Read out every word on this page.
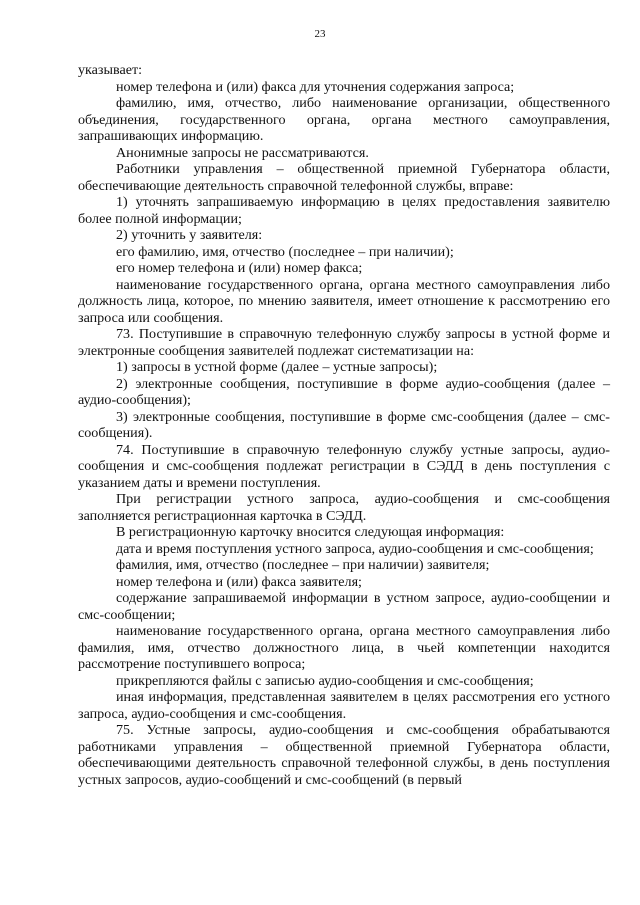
23

указывает:

номер телефона и (или) факса для уточнения содержания запроса;

фамилию, имя, отчество, либо наименование организации, общественного объединения, государственного органа, органа местного самоуправления, запрашивающих информацию.

Анонимные запросы не рассматриваются.

Работники управления – общественной приемной Губернатора области, обеспечивающие деятельность справочной телефонной службы, вправе:

1) уточнять запрашиваемую информацию в целях предоставления заявителю более полной информации;

2) уточнить у заявителя:

его фамилию, имя, отчество (последнее – при наличии);

его номер телефона и (или) номер факса;

наименование государственного органа, органа местного самоуправления либо должность лица, которое, по мнению заявителя, имеет отношение к рассмотрению его запроса или сообщения.

73. Поступившие в справочную телефонную службу запросы в устной форме и электронные сообщения заявителей подлежат систематизации на:

1) запросы в устной форме (далее – устные запросы);

2) электронные сообщения, поступившие в форме аудио-сообщения (далее – аудио-сообщения);

3) электронные сообщения, поступившие в форме смс-сообщения (далее – смс-сообщения).

74. Поступившие в справочную телефонную службу устные запросы, аудио-сообщения и смс-сообщения подлежат регистрации в СЭДД в день поступления с указанием даты и времени поступления.

При регистрации устного запроса, аудио-сообщения и смс-сообщения заполняется регистрационная карточка в СЭДД.

В регистрационную карточку вносится следующая информация:

дата и время поступления устного запроса, аудио-сообщения и смс-сообщения;

фамилия, имя, отчество (последнее – при наличии) заявителя;

номер телефона и (или) факса заявителя;

содержание запрашиваемой информации в устном запросе, аудио-сообщении и смс-сообщении;

наименование государственного органа, органа местного самоуправления либо фамилия, имя, отчество должностного лица, в чьей компетенции находится рассмотрение поступившего вопроса;

прикрепляются файлы с записью аудио-сообщения и смс-сообщения;

иная информация, представленная заявителем в целях рассмотрения его устного запроса, аудио-сообщения и смс-сообщения.

75. Устные запросы, аудио-сообщения и смс-сообщения обрабатываются работниками управления – общественной приемной Губернатора области, обеспечивающими деятельность справочной телефонной службы, в день поступления устных запросов, аудио-сообщений и смс-сообщений (в первый
